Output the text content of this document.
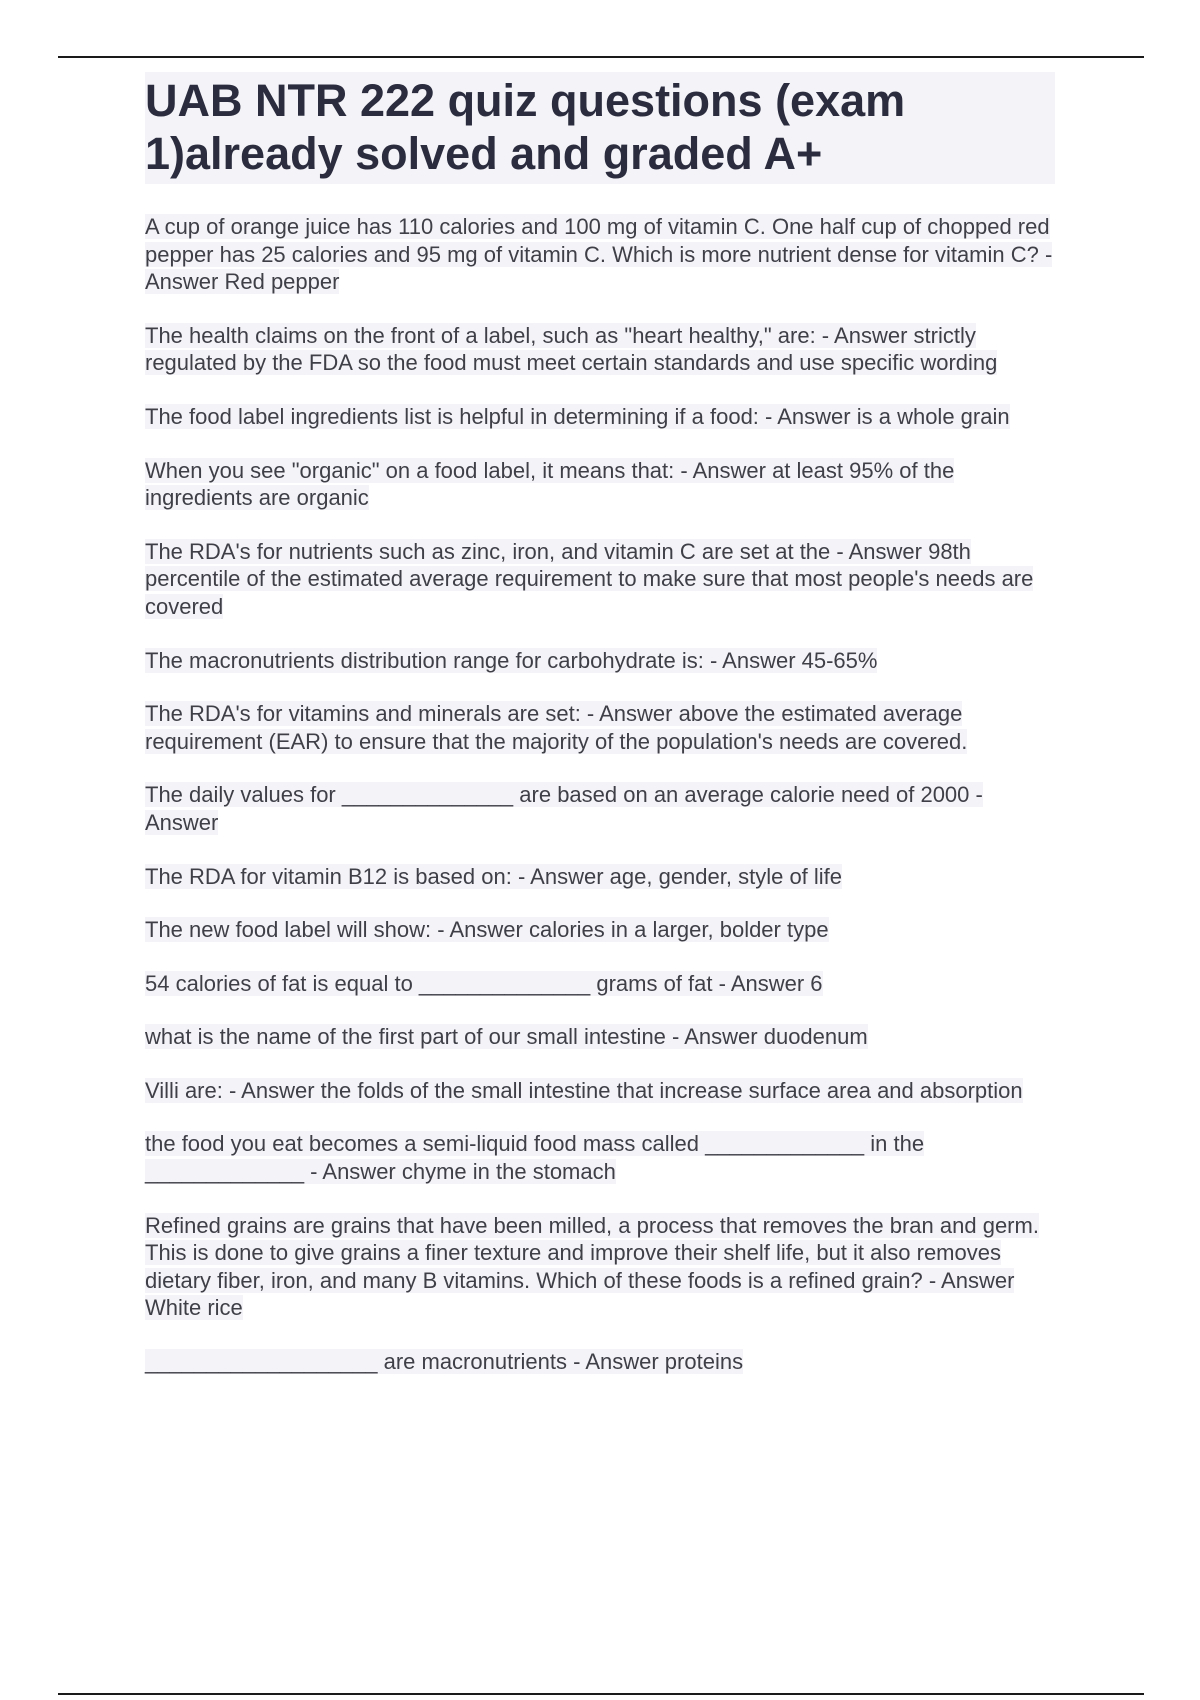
UAB NTR 222 quiz questions (exam 1)already solved and graded A+

A cup of orange juice has 110 calories and 100 mg of vitamin C. One half cup of chopped red pepper has 25 calories and 95 mg of vitamin C. Which is more nutrient dense for vitamin C? - Answer Red pepper

The health claims on the front of a label, such as "heart healthy," are: - Answer strictly regulated by the FDA so the food must meet certain standards and use specific wording

The food label ingredients list is helpful in determining if a food: - Answer is a whole grain

When you see "organic" on a food label, it means that: - Answer at least 95% of the ingredients are organic

The RDA's for nutrients such as zinc, iron, and vitamin C are set at the - Answer 98th percentile of the estimated average requirement to make sure that most people's needs are covered

The macronutrients distribution range for carbohydrate is: - Answer 45-65%

The RDA's for vitamins and minerals are set: - Answer above the estimated average requirement (EAR) to ensure that the majority of the population's needs are covered.

The daily values for ______________ are based on an average calorie need of 2000 - Answer

The RDA for vitamin B12 is based on: - Answer age, gender, style of life

The new food label will show: - Answer calories in a larger, bolder type

54 calories of fat is equal to ______________ grams of fat - Answer 6

what is the name of the first part of our small intestine - Answer duodenum

Villi are: - Answer the folds of the small intestine that increase surface area and absorption

the food you eat becomes a semi-liquid food mass called _____________ in the _____________ - Answer chyme in the stomach

Refined grains are grains that have been milled, a process that removes the bran and germ. This is done to give grains a finer texture and improve their shelf life, but it also removes dietary fiber, iron, and many B vitamins. Which of these foods is a refined grain? - Answer White rice

___________________ are macronutrients - Answer proteins
